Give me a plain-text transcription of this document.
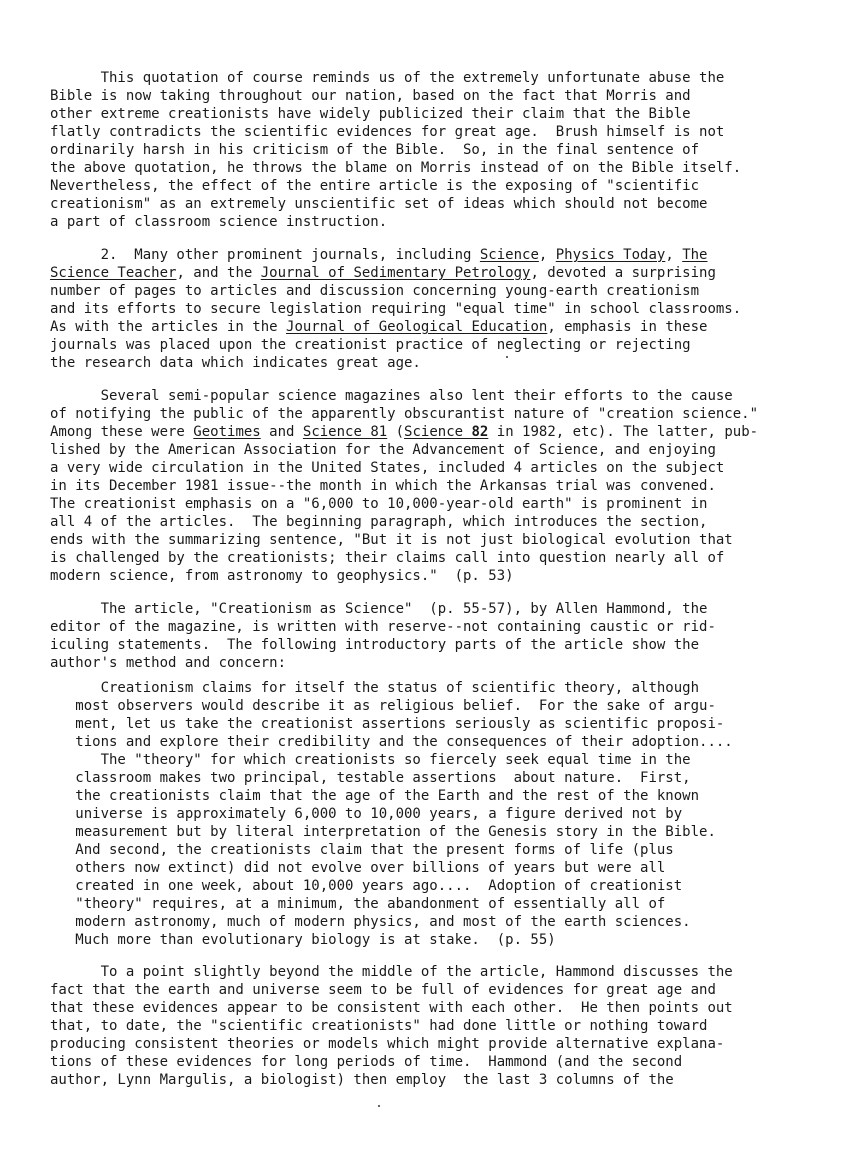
This quotation of course reminds us of the extremely unfortunate abuse the
Bible is now taking throughout our nation, based on the fact that Morris and
other extreme creationists have widely publicized their claim that the Bible
flatly contradicts the scientific evidences for great age.  Brush himself is not
ordinarily harsh in his criticism of the Bible.  So, in the final sentence of
the above quotation, he throws the blame on Morris instead of on the Bible itself.
Nevertheless, the effect of the entire article is the exposing of "scientific
creationism" as an extremely unscientific set of ideas which should not become
a part of classroom science instruction.
2.  Many other prominent journals, including Science, Physics Today, The
Science Teacher, and the Journal of Sedimentary Petrology, devoted a surprising
number of pages to articles and discussion concerning young-earth creationism
and its efforts to secure legislation requiring "equal time" in school classrooms.
As with the articles in the Journal of Geological Education, emphasis in these
journals was placed upon the creationist practice of neglecting or rejecting
the research data which indicates great age.
Several semi-popular science magazines also lent their efforts to the cause
of notifying the public of the apparently obscurantist nature of "creation science."
Among these were Geotimes and Science 81 (Science 82 in 1982, etc). The latter, pub-
lished by the American Association for the Advancement of Science, and enjoying
a very wide circulation in the United States, included 4 articles on the subject
in its December 1981 issue--the month in which the Arkansas trial was convened.
The creationist emphasis on a "6,000 to 10,000-year-old earth" is prominent in
all 4 of the articles.  The beginning paragraph, which introduces the section,
ends with the summarizing sentence, "But it is not just biological evolution that
is challenged by the creationists; their claims call into question nearly all of
modern science, from astronomy to geophysics."  (p. 53)
The article, "Creationism as Science"  (p. 55-57), by Allen Hammond, the
editor of the magazine, is written with reserve--not containing caustic or rid-
iculing statements.  The following introductory parts of the article show the
author's method and concern:
Creationism claims for itself the status of scientific theory, although
most observers would describe it as religious belief.  For the sake of argu-
ment, let us take the creationist assertions seriously as scientific proposi-
tions and explore their credibility and the consequences of their adoption....
The "theory" for which creationists so fiercely seek equal time in the
classroom makes two principal, testable assertions  about nature.  First,
the creationists claim that the age of the Earth and the rest of the known
universe is approximately 6,000 to 10,000 years, a figure derived not by
measurement but by literal interpretation of the Genesis story in the Bible.
And second, the creationists claim that the present forms of life (plus
others now extinct) did not evolve over billions of years but were all
created in one week, about 10,000 years ago....  Adoption of creationist
"theory" requires, at a minimum, the abandonment of essentially all of
modern astronomy, much of modern physics, and most of the earth sciences.
Much more than evolutionary biology is at stake.  (p. 55)
To a point slightly beyond the middle of the article, Hammond discusses the
fact that the earth and universe seem to be full of evidences for great age and
that these evidences appear to be consistent with each other.  He then points out
that, to date, the "scientific creationists" had done little or nothing toward
producing consistent theories or models which might provide alternative explana-
tions of these evidences for long periods of time.  Hammond (and the second
author, Lynn Margulis, a biologist) then employ  the last 3 columns of the
